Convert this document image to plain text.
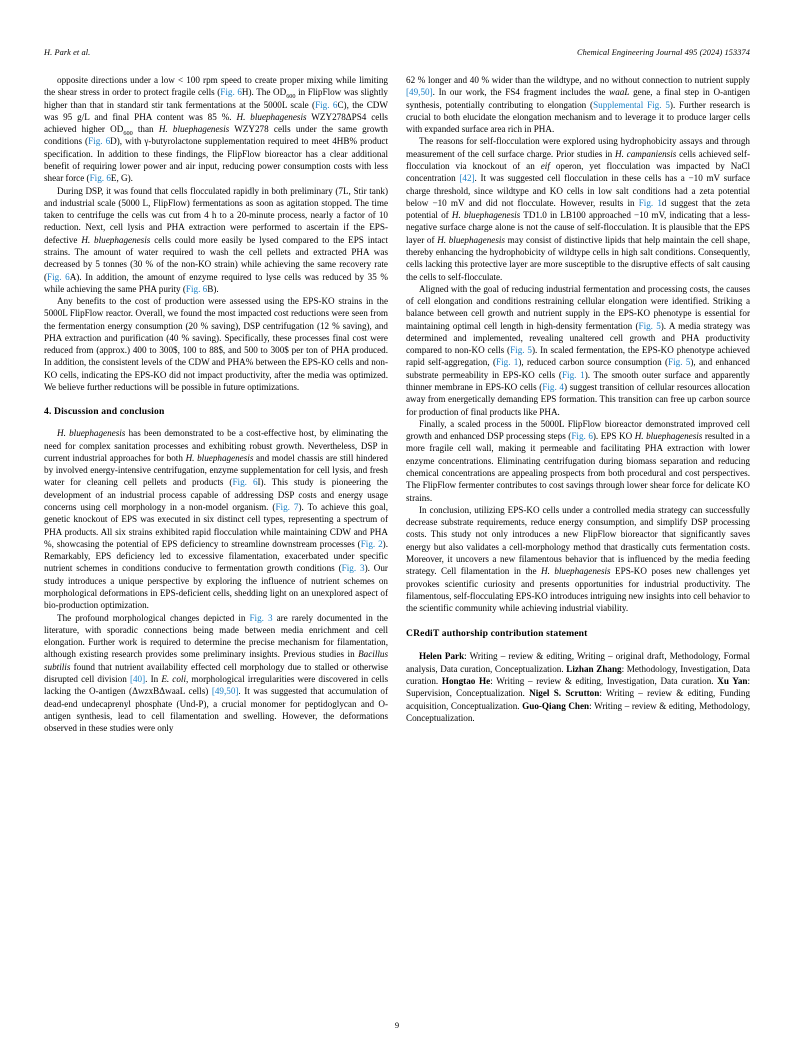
H. Park et al.	Chemical Engineering Journal 495 (2024) 153374

opposite directions under a low < 100 rpm speed to create proper mixing while limiting the shear stress in order to protect fragile cells (Fig. 6H). The $OD_{600}$ in FlipFlow was slightly higher than that in standard stir tank fermentations at the 5000L scale (Fig. 6C), the CDW was 95 g/L and final PHA content was 85 %. H. bluephagenesis WZY278ΔPS4 cells achieved higher $OD_{600}$ than H. bluephagenesis WZY278 cells under the same growth conditions (Fig. 6D), with γ-butyrolactone supplementation required to meet 4HB% product specification. In addition to these findings, the FlipFlow bioreactor has a clear additional benefit of requiring lower power and air input, reducing power consumption costs with less shear force (Fig. 6E, G).

During DSP, it was found that cells flocculated rapidly in both preliminary (7L, Stir tank) and industrial scale (5000 L, FlipFlow) fermentations as soon as agitation stopped. The time taken to centrifuge the cells was cut from 4 h to a 20-minute process, nearly a factor of 10 reduction. Next, cell lysis and PHA extraction were performed to ascertain if the EPS-defective H. bluephagenesis cells could more easily be lysed compared to the EPS intact strains. The amount of water required to wash the cell pellets and extracted PHA was decreased by 5 tonnes (30 % of the non-KO strain) while achieving the same recovery rate (Fig. 6A). In addition, the amount of enzyme required to lyse cells was reduced by 35 % while achieving the same PHA purity (Fig. 6B).

Any benefits to the cost of production were assessed using the EPS-KO strains in the 5000L FlipFlow reactor. Overall, we found the most impacted cost reductions were seen from the fermentation energy consumption (20 % saving), DSP centrifugation (12 % saving), and PHA extraction and purification (40 % saving). Specifically, these processes final cost were reduced from (approx.) 400 to 300$, 100 to 88$, and 500 to 300$ per ton of PHA produced. In addition, the consistent levels of the CDW and PHA% between the EPS-KO cells and non-KO cells, indicating the EPS-KO did not impact productivity, after the media was optimized. We believe further reductions will be possible in future optimizations.

4. Discussion and conclusion

H. bluephagenesis has been demonstrated to be a cost-effective host, by eliminating the need for complex sanitation processes and exhibiting robust growth. Nevertheless, DSP in current industrial approaches for both H. bluephagenesis and model chassis are still hindered by involved energy-intensive centrifugation, enzyme supplementation for cell lysis, and fresh water for cleaning cell pellets and products (Fig. 6I). This study is pioneering the development of an industrial process capable of addressing DSP costs and energy usage concerns using cell morphology in a non-model organism. (Fig. 7). To achieve this goal, genetic knockout of EPS was executed in six distinct cell types, representing a spectrum of PHA products. All six strains exhibited rapid flocculation while maintaining CDW and PHA %, showcasing the potential of EPS deficiency to streamline downstream processes (Fig. 2). Remarkably, EPS deficiency led to excessive filamentation, exacerbated under specific nutrient schemes in conditions conducive to fermentation growth conditions (Fig. 3). Our study introduces a unique perspective by exploring the influence of nutrient schemes on morphological deformations in EPS-deficient cells, shedding light on an unexplored aspect of bio-production optimization.

The profound morphological changes depicted in Fig. 3 are rarely documented in the literature, with sporadic connections being made between media enrichment and cell elongation. Further work is required to determine the precise mechanism for filamentation, although existing research provides some preliminary insights. Previous studies in Bacillus subtilis found that nutrient availability effected cell morphology due to stalled or otherwise disrupted cell division [40]. In E. coli, morphological irregularities were discovered in cells lacking the O-antigen (ΔwzxBΔwaaL cells) [49,50]. It was suggested that accumulation of dead-end undecaprenyl phosphate (Und-P), a crucial monomer for peptidoglycan and O-antigen synthesis, lead to cell filamentation and swelling. However, the deformations observed in these studies were only

62 % longer and 40 % wider than the wildtype, and no without connection to nutrient supply [49,50]. In our work, the FS4 fragment includes the waaL gene, a final step in O-antigen synthesis, potentially contributing to elongation (Supplemental Fig. 5). Further research is crucial to both elucidate the elongation mechanism and to leverage it to produce larger cells with expanded surface area rich in PHA.

The reasons for self-flocculation were explored using hydrophobicity assays and through measurement of the cell surface charge. Prior studies in H. campaniensis cells achieved self-flocculation via knockout of an eif operon, yet flocculation was impacted by NaCl concentration [42]. It was suggested cell flocculation in these cells has a −10 mV surface charge threshold, since wildtype and KO cells in low salt conditions had a zeta potential below −10 mV and did not flocculate. However, results in Fig. 1d suggest that the zeta potential of H. bluephagenesis TD1.0 in LB100 approached −10 mV, indicating that a less-negative surface charge alone is not the cause of self-flocculation. It is plausible that the EPS layer of H. bluephagenesis may consist of distinctive lipids that help maintain the cell shape, thereby enhancing the hydrophobicity of wildtype cells in high salt conditions. Consequently, cells lacking this protective layer are more susceptible to the disruptive effects of salt causing the cells to self-flocculate.

Aligned with the goal of reducing industrial fermentation and processing costs, the causes of cell elongation and conditions restraining cellular elongation were identified. Striking a balance between cell growth and nutrient supply in the EPS-KO phenotype is essential for maintaining optimal cell length in high-density fermentation (Fig. 5). A media strategy was determined and implemented, revealing unaltered cell growth and PHA productivity compared to non-KO cells (Fig. 5). In scaled fermentation, the EPS-KO phenotype achieved rapid self-aggregation, (Fig. 1), reduced carbon source consumption (Fig. 5), and enhanced substrate permeability in EPS-KO cells (Fig. 1). The smooth outer surface and apparently thinner membrane in EPS-KO cells (Fig. 4) suggest transition of cellular resources allocation away from energetically demanding EPS formation. This transition can free up carbon source for production of final products like PHA.

Finally, a scaled process in the 5000L FlipFlow bioreactor demonstrated improved cell growth and enhanced DSP processing steps (Fig. 6). EPS KO H. bluephagenesis resulted in a more fragile cell wall, making it permeable and facilitating PHA extraction with lower enzyme concentrations. Eliminating centrifugation during biomass separation and reducing chemical concentrations are appealing prospects from both procedural and cost perspectives. The FlipFlow fermenter contributes to cost savings through lower shear force for delicate KO strains.

In conclusion, utilizing EPS-KO cells under a controlled media strategy can successfully decrease substrate requirements, reduce energy consumption, and simplify DSP processing costs. This study not only introduces a new FlipFlow bioreactor that significantly saves energy but also validates a cell-morphology method that drastically cuts fermentation costs. Moreover, it uncovers a new filamentous behavior that is influenced by the media feeding strategy. Cell filamentation in the H. bluephagenesis EPS-KO poses new challenges yet provokes scientific curiosity and presents opportunities for industrial productivity. The filamentous, self-flocculating EPS-KO introduces intriguing new insights into cell behavior to the scientific community while achieving industrial viability.

CRediT authorship contribution statement

Helen Park: Writing – review & editing, Writing – original draft, Methodology, Formal analysis, Data curation, Conceptualization. Lizhan Zhang: Methodology, Investigation, Data curation. Hongtao He: Writing – review & editing, Investigation, Data curation. Xu Yan: Supervision, Conceptualization. Nigel S. Scrutton: Writing – review & editing, Funding acquisition, Conceptualization. Guo-Qiang Chen: Writing – review & editing, Methodology, Conceptualization.

9
